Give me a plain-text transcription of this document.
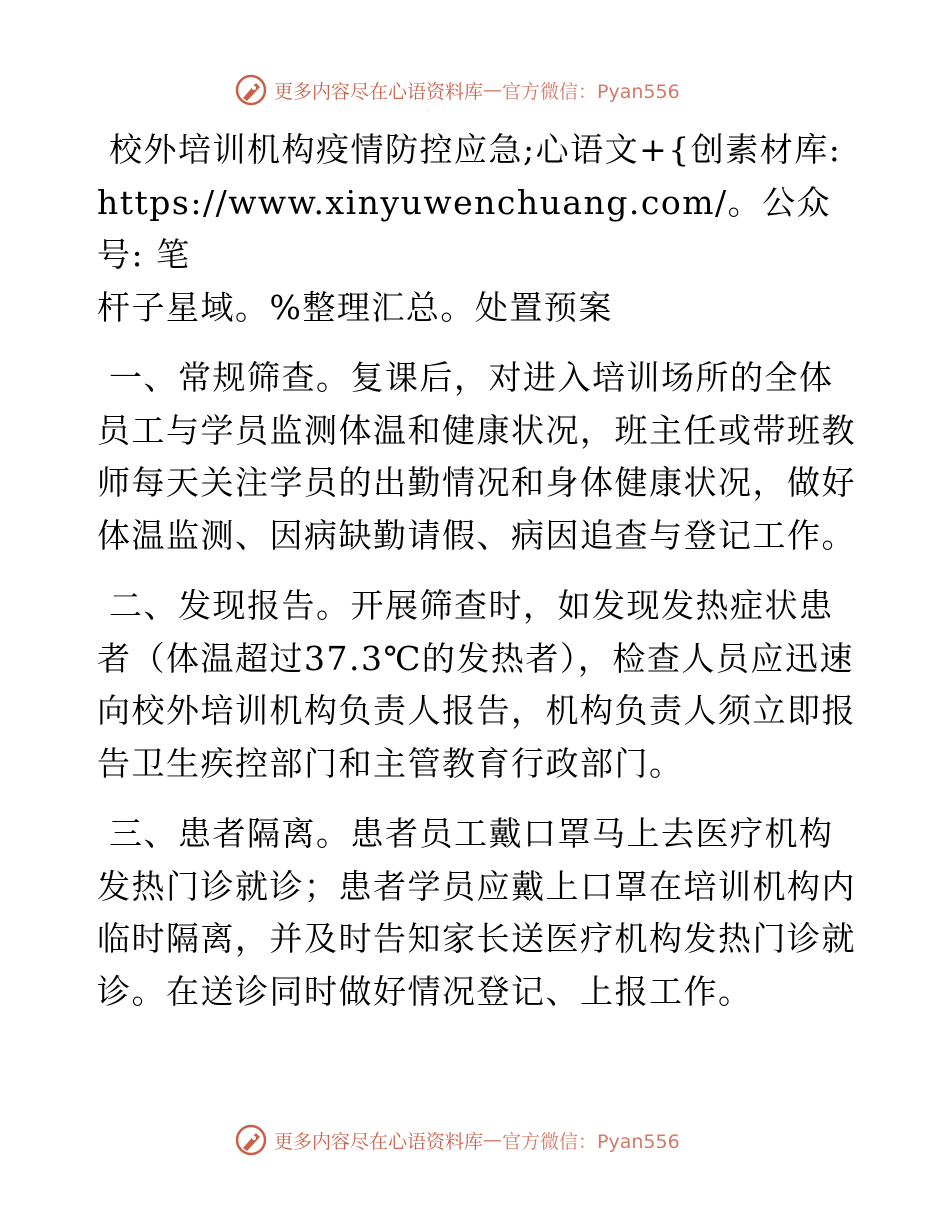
更多内容尽在心语资料库 — 官方微信：Pyan556

校外培训机构疫情防控应急;心语文+{创素材库:
https://www.xinyuwenchuang.com/。公众号: 笔
杆子星域。%整理汇总。处置预案

一、常规筛查。复课后，对进入培训场所的全体
员工与学员监测体温和健康状况，班主任或带班教
师每天关注学员的出勤情况和身体健康状况，做好
体温监测、因病缺勤请假、病因追查与登记工作。

二、发现报告。开展筛查时，如发现发热症状患
者（体温超过37.3℃的发热者），检查人员应迅速
向校外培训机构负责人报告，机构负责人须立即报
告卫生疾控部门和主管教育行政部门。

三、患者隔离。患者员工戴口罩马上去医疗机构
发热门诊就诊；患者学员应戴上口罩在培训机构内
临时隔离，并及时告知家长送医疗机构发热门诊就
诊。在送诊同时做好情况登记、上报工作。

更多内容尽在心语资料库 — 官方微信：Pyan556
